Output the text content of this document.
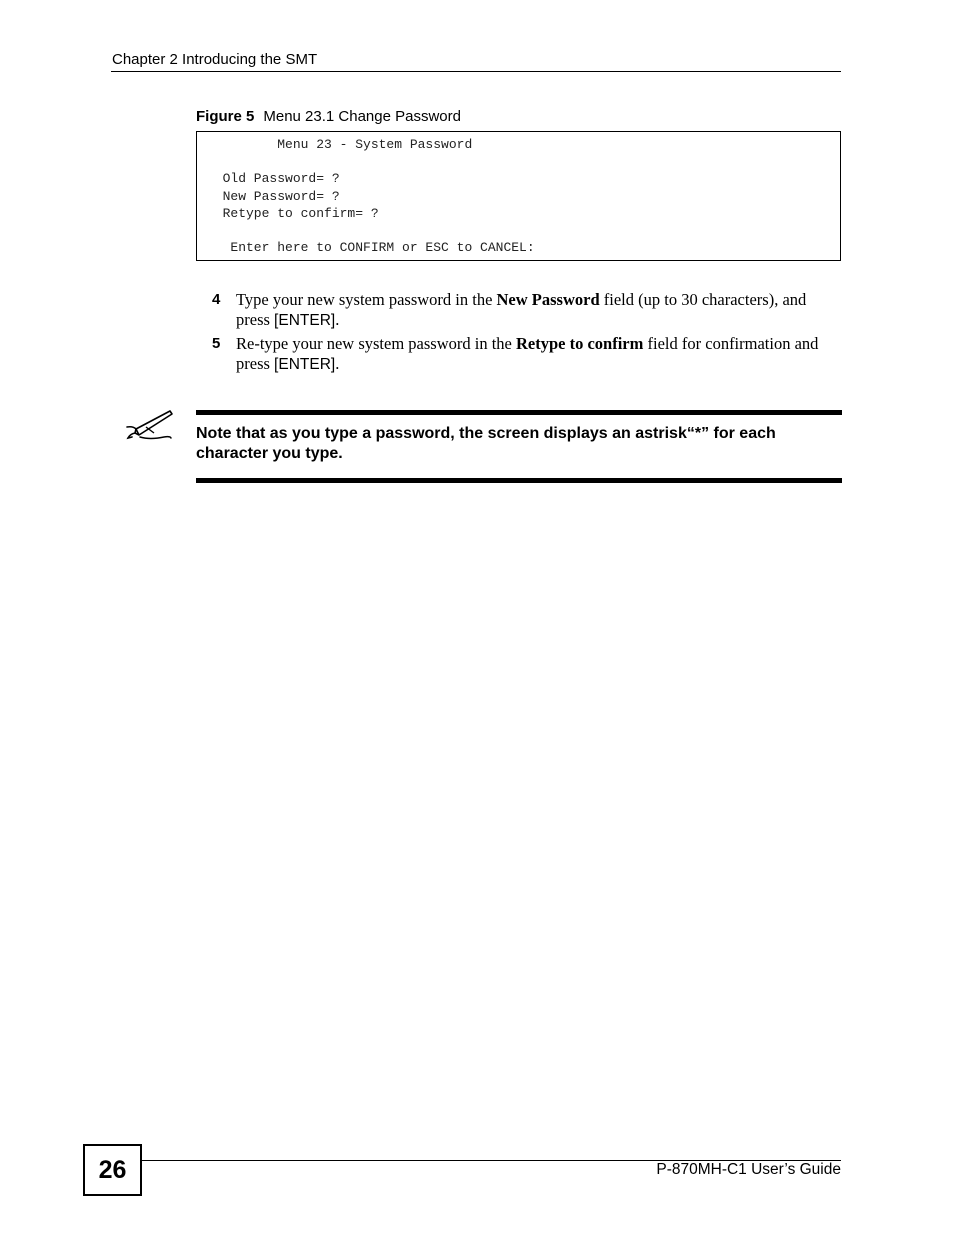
Chapter 2 Introducing the SMT
Figure 5 Menu 23.1 Change Password
Menu 23 - System Password
Old Password= ?
New Password= ?
Retype to confirm= ?
Enter here to CONFIRM or ESC to CANCEL:
4 Type your new system password in the New Password field (up to 30 characters), and press [ENTER].
5 Re-type your new system password in the Retype to confirm field for confirmation and press [ENTER].
Note that as you type a password, the screen displays an astrisk“*” for each character you type.
26	P-870MH-C1 User’s Guide
